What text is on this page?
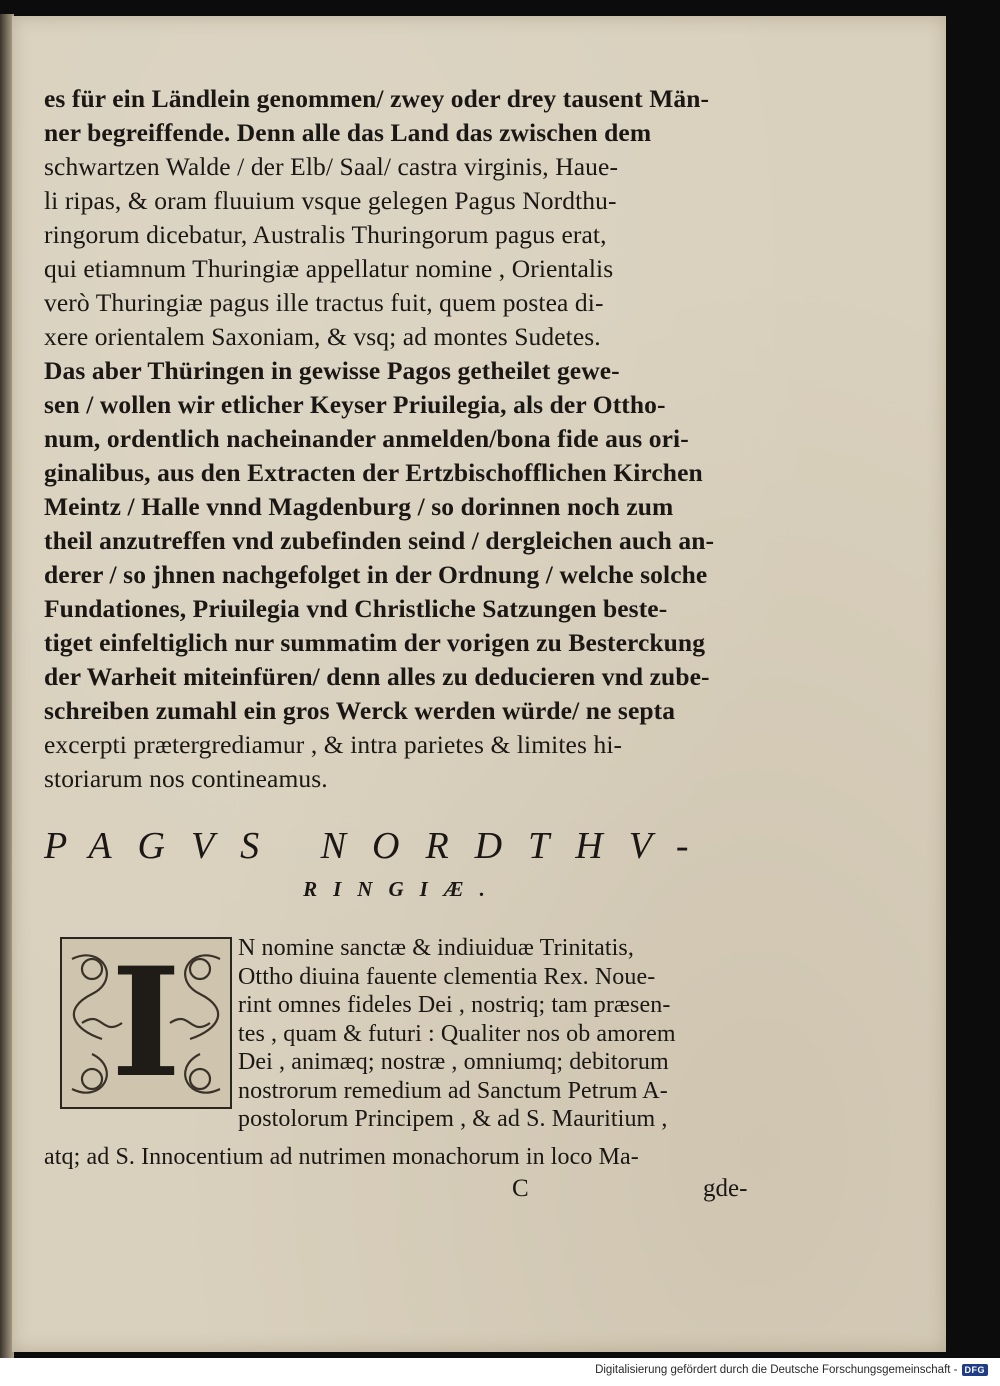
es für ein Ländlein genommen/ zwey oder drey tausent Män-
ner begreiffende. Denn alle das Land das zwischen dem
schwartzen Walde / der Elb/ Saal/ castra virginis, Haue-
li ripas, & oram fluuium vsque gelegen Pagus Nordthu-
ringorum dicebatur, Australis Thuringorum pagus erat,
qui etiamnum Thuringiæ appellatur nomine , Orientalis
verò Thuringiæ pagus ille tractus fuit, quem postea di-
xere orientalem Saxoniam, & vsq; ad montes Sudetes.
Das aber Thüringen in gewisse Pagos getheilet gewe-
sen / wollen wir etlicher Keyser Priuilegia, als der Ottho-
num, ordentlich nacheinander anmelden/bona fide aus ori-
ginalibus, aus den Extracten der Ertzbischofflichen Kirchen
Meintz / Halle vnnd Magdenburg / so dorinnen noch zum
theil anzutreffen vnd zubefinden seind / dergleichen auch an-
derer / so jhnen nachgefolget in der Ordnung / welche solche
Fundationes, Priuilegia vnd Christliche Satzungen beste-
tiget einfeltiglich nur summatim der vorigen zu Besterckung
der Warheit miteinfüren/ denn alles zu deducieren vnd zube-
schreiben zumahl ein gros Werck werden würde/ ne septa
excerpti prætergrediamur , & intra parietes & limites hi-
storiarum nos contineamus.
PAGVS NORDTHV-
RINGIÆ.
I	N nomine sanctæ & indiuiduæ Trinitatis,
Ottho diuina fauente clementia Rex. Noue-
rint omnes fideles Dei , nostriq; tam præsen-
tes , quam & futuri : Qualiter nos ob amorem
Dei , animæq; nostræ , omniumq; debitorum
nostrorum remedium ad Sanctum Petrum A-
postolorum Principem , & ad S. Mauritium ,
atq; ad S. Innocentium ad nutrimen monachorum in loco Ma-
C	gde-
Digitalisierung gefördert durch die Deutsche Forschungsgemeinschaft - DFG
